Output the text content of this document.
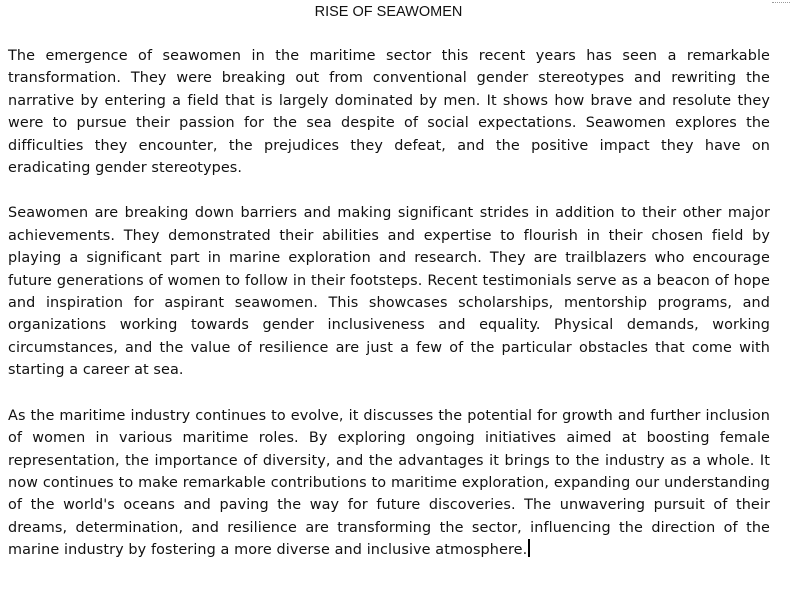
RISE OF SEAWOMEN

The emergence of seawomen in the maritime sector this recent years has seen a remarkable transformation. They were breaking out from conventional gender stereotypes and rewriting the narrative by entering a field that is largely dominated by men. It shows how brave and resolute they were to pursue their passion for the sea despite of social expectations. Seawomen explores the difficulties they encounter, the prejudices they defeat, and the positive impact they have on eradicating gender stereotypes.

Seawomen are breaking down barriers and making significant strides in addition to their other major achievements. They demonstrated their abilities and expertise to flourish in their chosen field by playing a significant part in marine exploration and research. They are trailblazers who encourage future generations of women to follow in their footsteps. Recent testimonials serve as a beacon of hope and inspiration for aspirant seawomen. This showcases scholarships, mentorship programs, and organizations working towards gender inclusiveness and equality. Physical demands, working circumstances, and the value of resilience are just a few of the particular obstacles that come with starting a career at sea.

As the maritime industry continues to evolve, it discusses the potential for growth and further inclusion of women in various maritime roles. By exploring ongoing initiatives aimed at boosting female representation, the importance of diversity, and the advantages it brings to the industry as a whole. It now continues to make remarkable contributions to maritime exploration, expanding our understanding of the world's oceans and paving the way for future discoveries. The unwavering pursuit of their dreams, determination, and resilience are transforming the sector, influencing the direction of the marine industry by fostering a more diverse and inclusive atmosphere.
